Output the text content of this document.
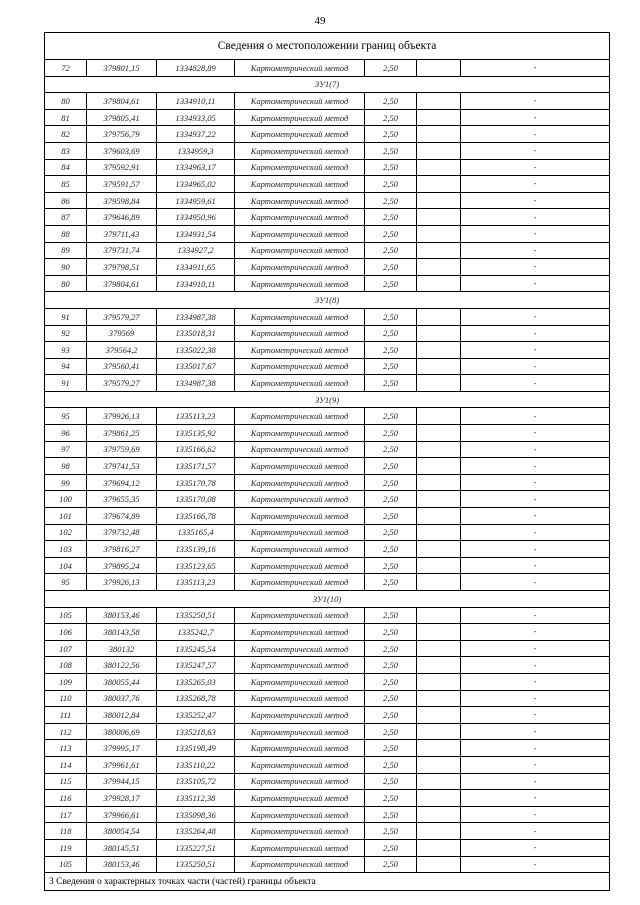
49
Сведения о местоположении границ объекта						
72	379801,15	1334828,89	Картометрический метод	2,50		-
ЗУ1(7)						
80	379804,61	1334910,11	Картометрический метод	2,50		-
81	379805,41	1334933,05	Картометрический метод	2,50		-
82	379756,79	1334937,22	Картометрический метод	2,50		-
83	379603,69	1334959,3	Картометрический метод	2,50		-
84	379592,91	1334963,17	Картометрический метод	2,50		-
85	379591,57	1334965,02	Картометрический метод	2,50		-
86	379598,84	1334959,61	Картометрический метод	2,50		-
87	379646,89	1334950,96	Картометрический метод	2,50		-
88	379711,43	1334931,54	Картометрический метод	2,50		-
89	379731,74	1334927,2	Картометрический метод	2,50		-
90	379798,51	1334911,65	Картометрический метод	2,50		-
80	379804,61	1334910,11	Картометрический метод	2,50		-
ЗУ1(8)						
91	379579,27	1334987,38	Картометрический метод	2,50		-
92	379569	1335018,31	Картометрический метод	2,50		-
93	379564,2	1335022,38	Картометрический метод	2,50		-
94	379560,41	1335017,67	Картометрический метод	2,50		-
91	379579,27	1334987,38	Картометрический метод	2,50		-
ЗУ1(9)						
95	379926,13	1335113,23	Картометрический метод	2,50		-
96	379861,25	1335135,92	Картометрический метод	2,50		-
97	379759,69	1335166,62	Картометрический метод	2,50		-
98	379741,53	1335171,57	Картометрический метод	2,50		-
99	379694,12	1335170,78	Картометрический метод	2,50		-
100	379655,35	1335170,08	Картометрический метод	2,50		-
101	379674,89	1335166,78	Картометрический метод	2,50		-
102	379732,48	1335165,4	Картометрический метод	2,50		-
103	379816,27	1335139,16	Картометрический метод	2,50		-
104	379895,24	1335123,65	Картометрический метод	2,50		-
95	379926,13	1335113,23	Картометрический метод	2,50		-
ЗУ1(10)						
105	380153,46	1335250,51	Картометрический метод	2,50		-
106	380143,58	1335242,7	Картометрический метод	2,50		-
107	380132	1335245,54	Картометрический метод	2,50		-
108	380122,56	1335247,57	Картометрический метод	2,50		-
109	380055,44	1335265,03	Картометрический метод	2,50		-
110	380037,76	1335268,78	Картометрический метод	2,50		-
111	380012,84	1335252,47	Картометрический метод	2,50		-
112	380006,69	1335218,63	Картометрический метод	2,50		-
113	379995,17	1335198,49	Картометрический метод	2,50		-
114	379961,61	1335110,22	Картометрический метод	2,50		-
115	379944,15	1335105,72	Картометрический метод	2,50		-
116	379928,17	1335112,38	Картометрический метод	2,50		-
117	379966,61	1335098,36	Картометрический метод	2,50		-
118	380054,54	1335264,48	Картометрический метод	2,50		-
119	380145,51	1335227,51	Картометрический метод	2,50		-
105	380153,46	1335250,51	Картометрический метод	2,50		-
3 Сведения о характерных точках части (частей) границы объекта						
